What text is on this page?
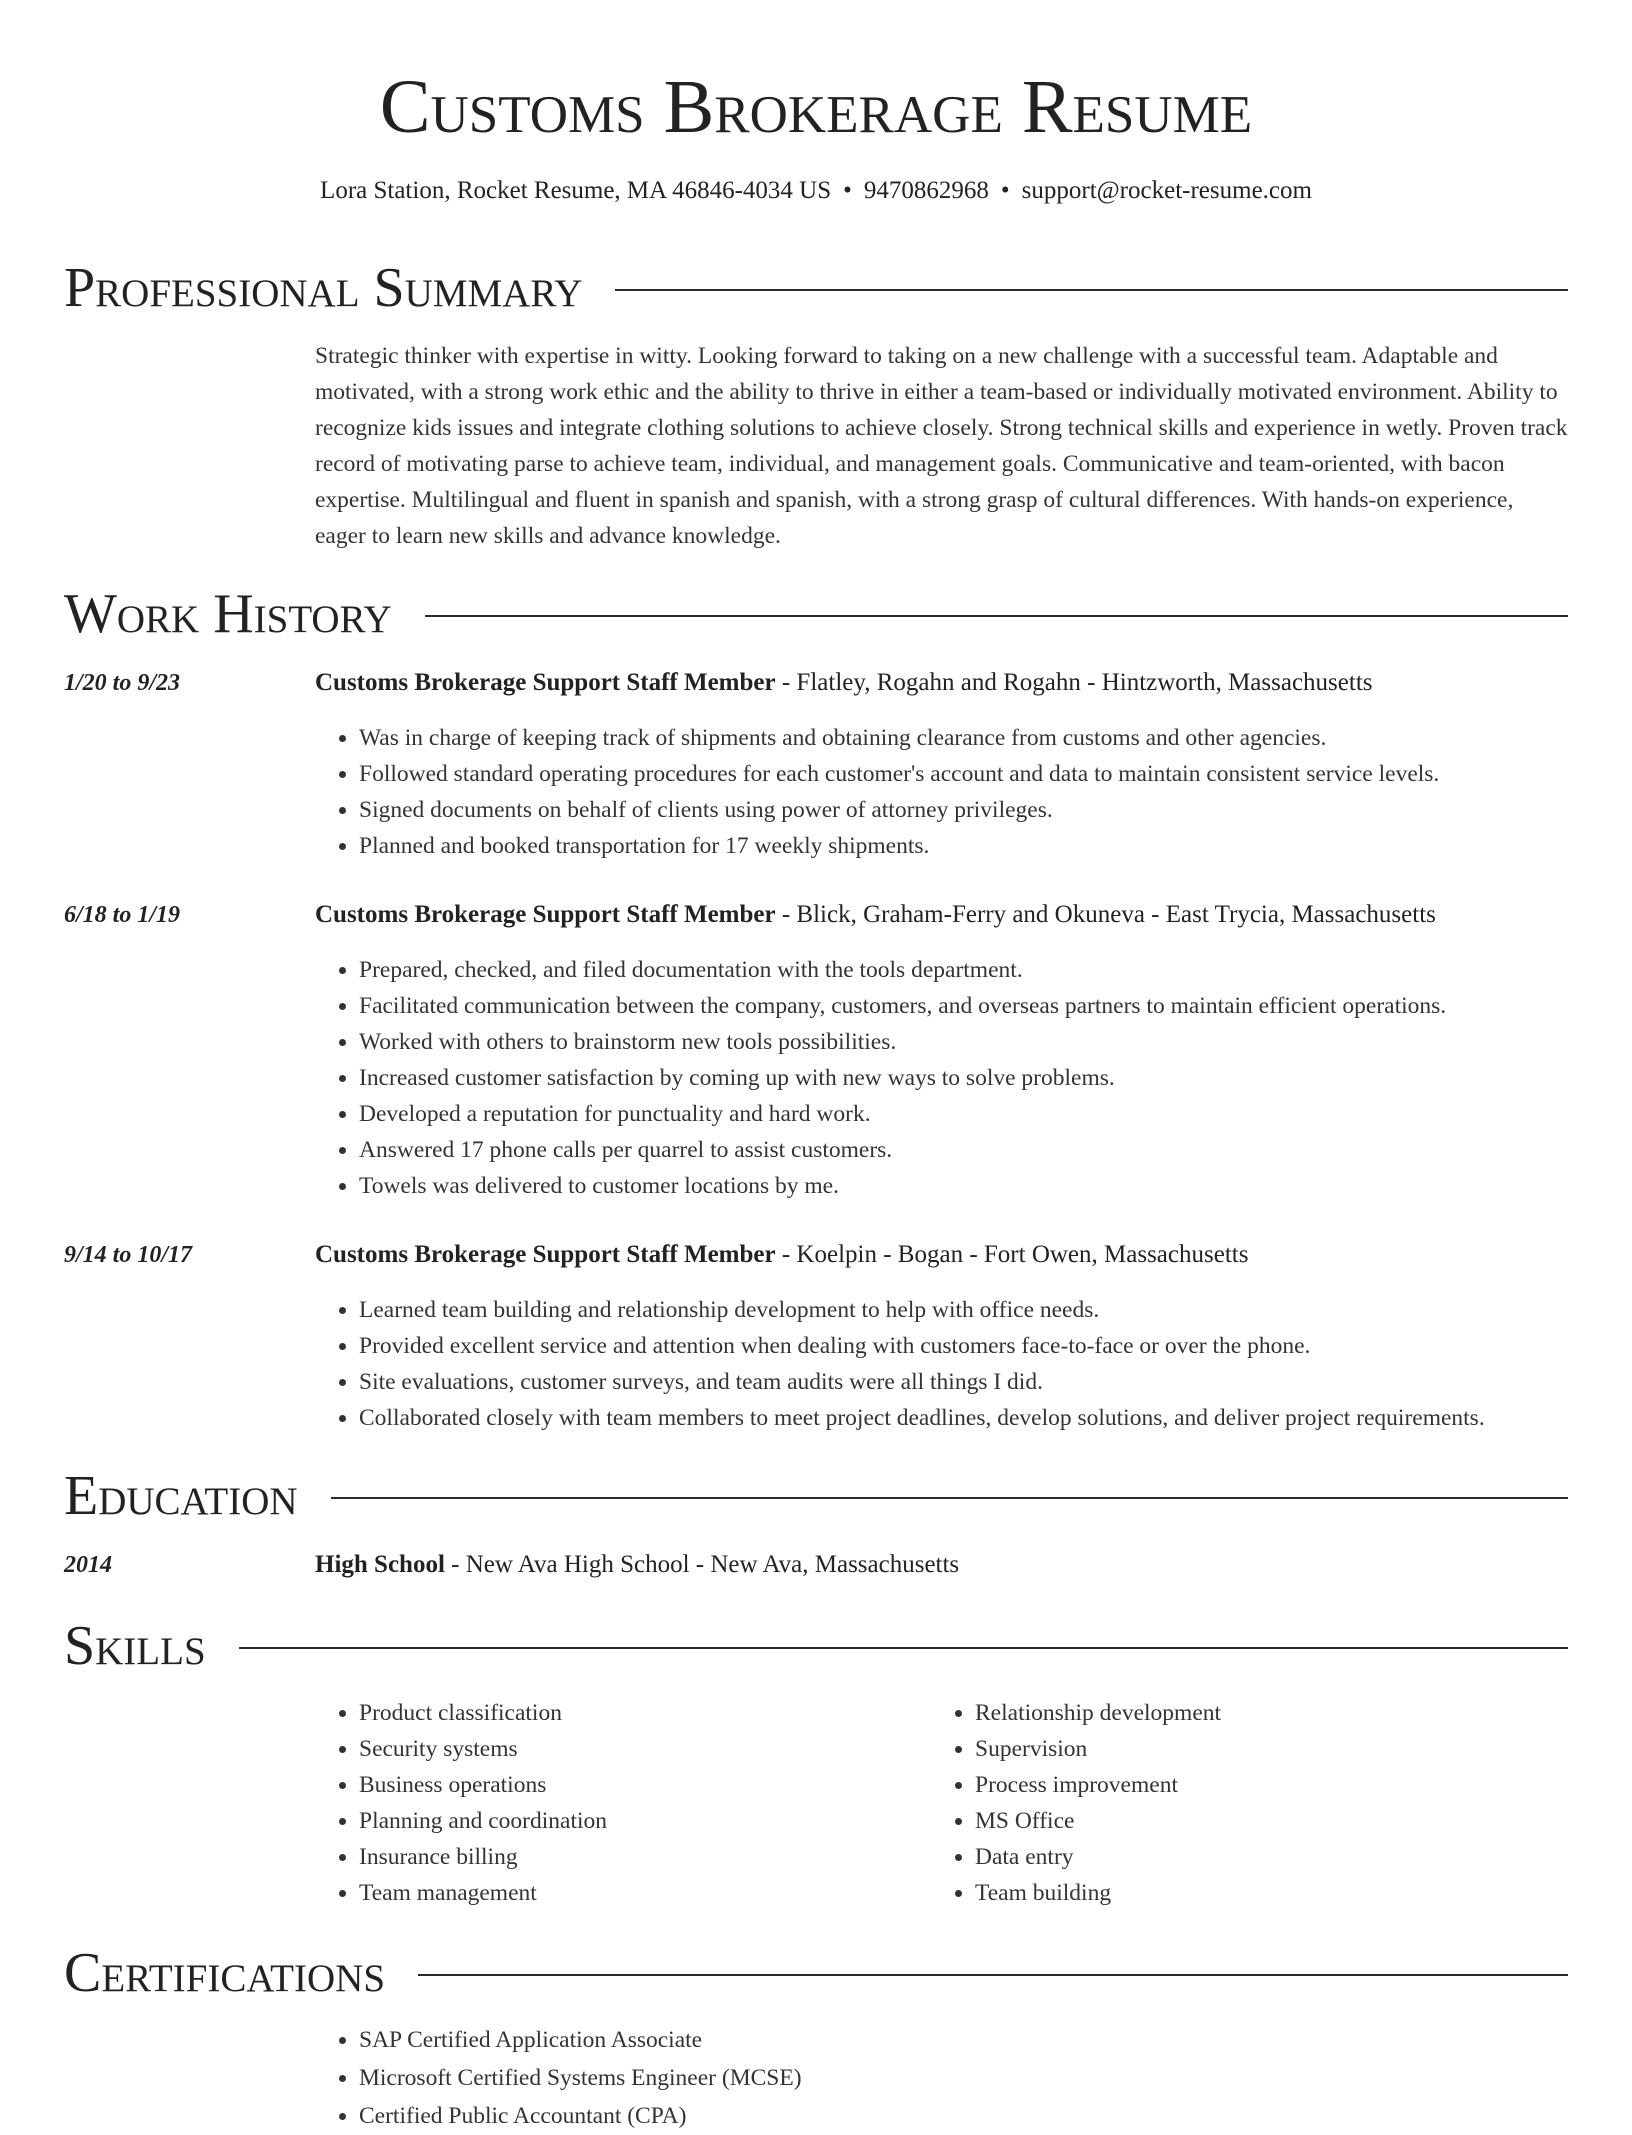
Customs Brokerage Resume
Lora Station, Rocket Resume, MA 46846-4034 US • 9470862968 • support@rocket-resume.com
Professional Summary

Strategic thinker with expertise in witty. Looking forward to taking on a new challenge with a successful team. Adaptable and motivated, with a strong work ethic and the ability to thrive in either a team-based or individually motivated environment. Ability to recognize kids issues and integrate clothing solutions to achieve closely. Strong technical skills and experience in wetly. Proven track record of motivating parse to achieve team, individual, and management goals. Communicative and team-oriented, with bacon expertise. Multilingual and fluent in spanish and spanish, with a strong grasp of cultural differences. With hands-on experience, eager to learn new skills and advance knowledge.

Work History
1/20 to 9/23	Customs Brokerage Support Staff Member - Flatley, Rogahn and Rogahn - Hintzworth, Massachusetts
• Was in charge of keeping track of shipments and obtaining clearance from customs and other agencies.
• Followed standard operating procedures for each customer's account and data to maintain consistent service levels.
• Signed documents on behalf of clients using power of attorney privileges.
• Planned and booked transportation for 17 weekly shipments.
6/18 to 1/19	Customs Brokerage Support Staff Member - Blick, Graham-Ferry and Okuneva - East Trycia, Massachusetts
• Prepared, checked, and filed documentation with the tools department.
• Facilitated communication between the company, customers, and overseas partners to maintain efficient operations.
• Worked with others to brainstorm new tools possibilities.
• Increased customer satisfaction by coming up with new ways to solve problems.
• Developed a reputation for punctuality and hard work.
• Answered 17 phone calls per quarrel to assist customers.
• Towels was delivered to customer locations by me.
9/14 to 10/17	Customs Brokerage Support Staff Member - Koelpin - Bogan - Fort Owen, Massachusetts
• Learned team building and relationship development to help with office needs.
• Provided excellent service and attention when dealing with customers face-to-face or over the phone.
• Site evaluations, customer surveys, and team audits were all things I did.
• Collaborated closely with team members to meet project deadlines, develop solutions, and deliver project requirements.
Education
2014	High School - New Ava High School - New Ava, Massachusetts
Skills
• Product classification
• Security systems
• Business operations
• Planning and coordination
• Insurance billing
• Team management
• Relationship development
• Supervision
• Process improvement
• MS Office
• Data entry
• Team building
Certifications
• SAP Certified Application Associate
• Microsoft Certified Systems Engineer (MCSE)
• Certified Public Accountant (CPA)
